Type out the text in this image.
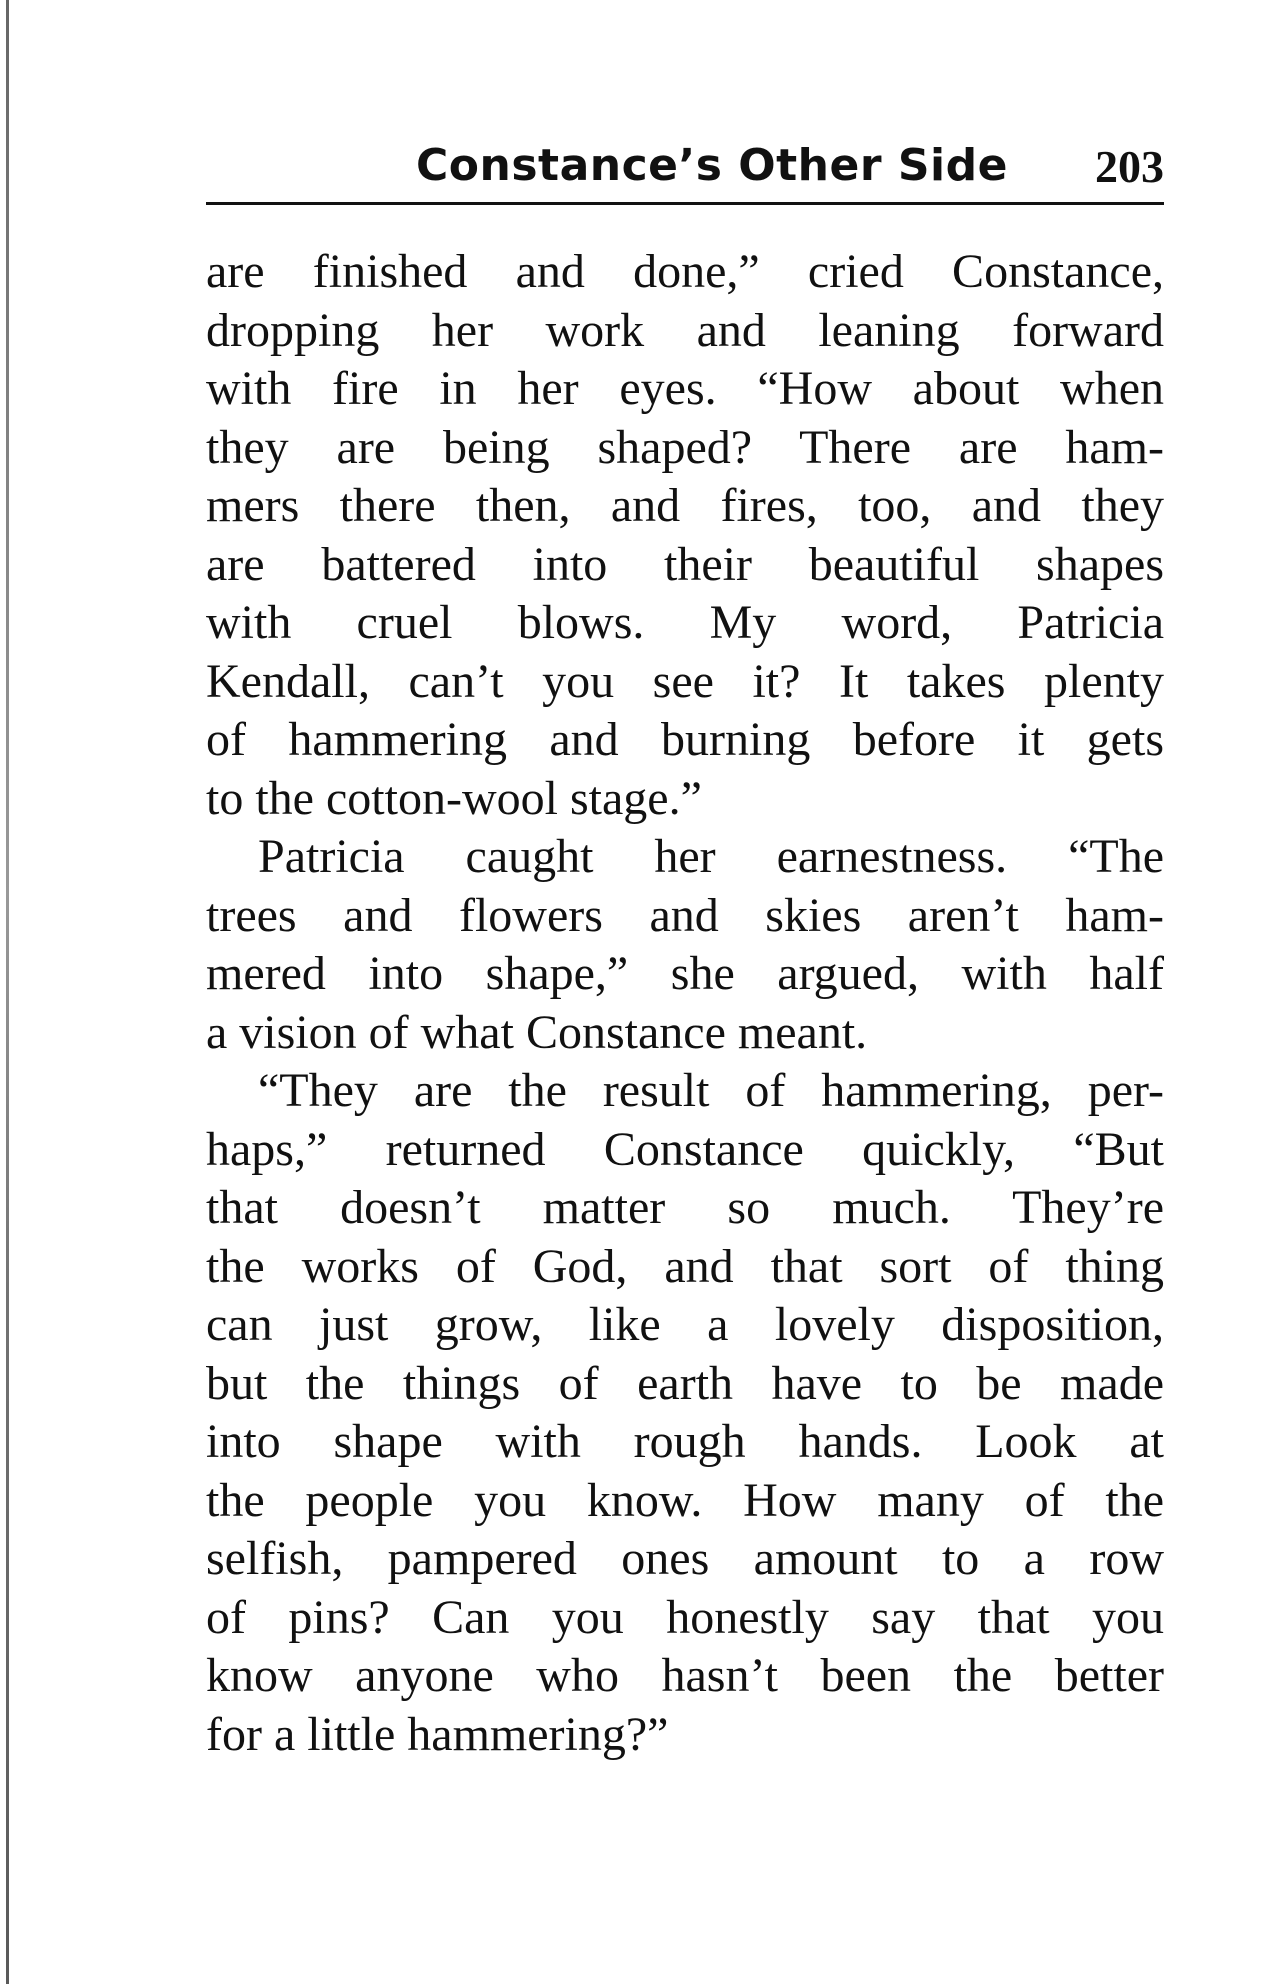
Constance’s Other Side 203
are finished and done,” cried Constance,
dropping her work and leaning forward
with fire in her eyes. “How about when
they are being shaped? There are ham-
mers there then, and fires, too, and they
are battered into their beautiful shapes
with cruel blows. My word, Patricia
Kendall, can’t you see it? It takes plenty
of hammering and burning before it gets
to the cotton-wool stage.”
Patricia caught her earnestness. “The
trees and flowers and skies aren’t ham-
mered into shape,” she argued, with half
a vision of what Constance meant.
“They are the result of hammering, per-
haps,” returned Constance quickly, “But
that doesn’t matter so much. They’re
the works of God, and that sort of thing
can just grow, like a lovely disposition,
but the things of earth have to be made
into shape with rough hands. Look at
the people you know. How many of the
selfish, pampered ones amount to a row
of pins? Can you honestly say that you
know anyone who hasn’t been the better
for a little hammering?”
